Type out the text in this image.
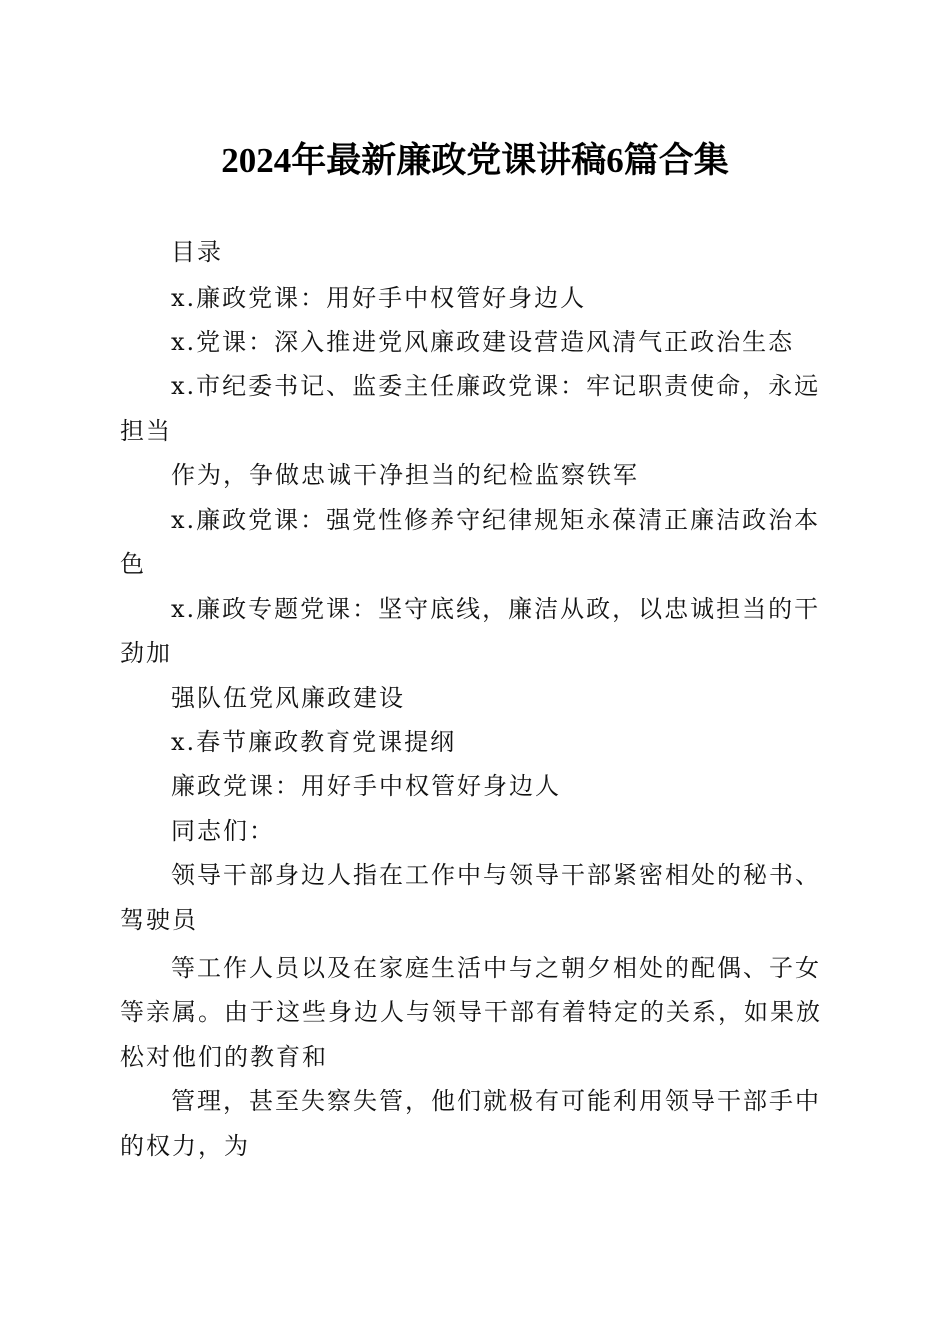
2024年最新廉政党课讲稿6篇合集
目录
x.廉政党课：用好手中权管好身边人
x.党课：深入推进党风廉政建设营造风清气正政治生态
x.市纪委书记、监委主任廉政党课：牢记职责使命，永远
担当
作为，争做忠诚干净担当的纪检监察铁军
x.廉政党课：强党性修养守纪律规矩永葆清正廉洁政治本
色
x.廉政专题党课：坚守底线，廉洁从政，以忠诚担当的干
劲加
强队伍党风廉政建设
x.春节廉政教育党课提纲
廉政党课：用好手中权管好身边人
同志们：
领导干部身边人指在工作中与领导干部紧密相处的秘书、
驾驶员
等工作人员以及在家庭生活中与之朝夕相处的配偶、子女
等亲属。由于这些身边人与领导干部有着特定的关系，如果放
松对他们的教育和
管理，甚至失察失管，他们就极有可能利用领导干部手中
的权力，为
